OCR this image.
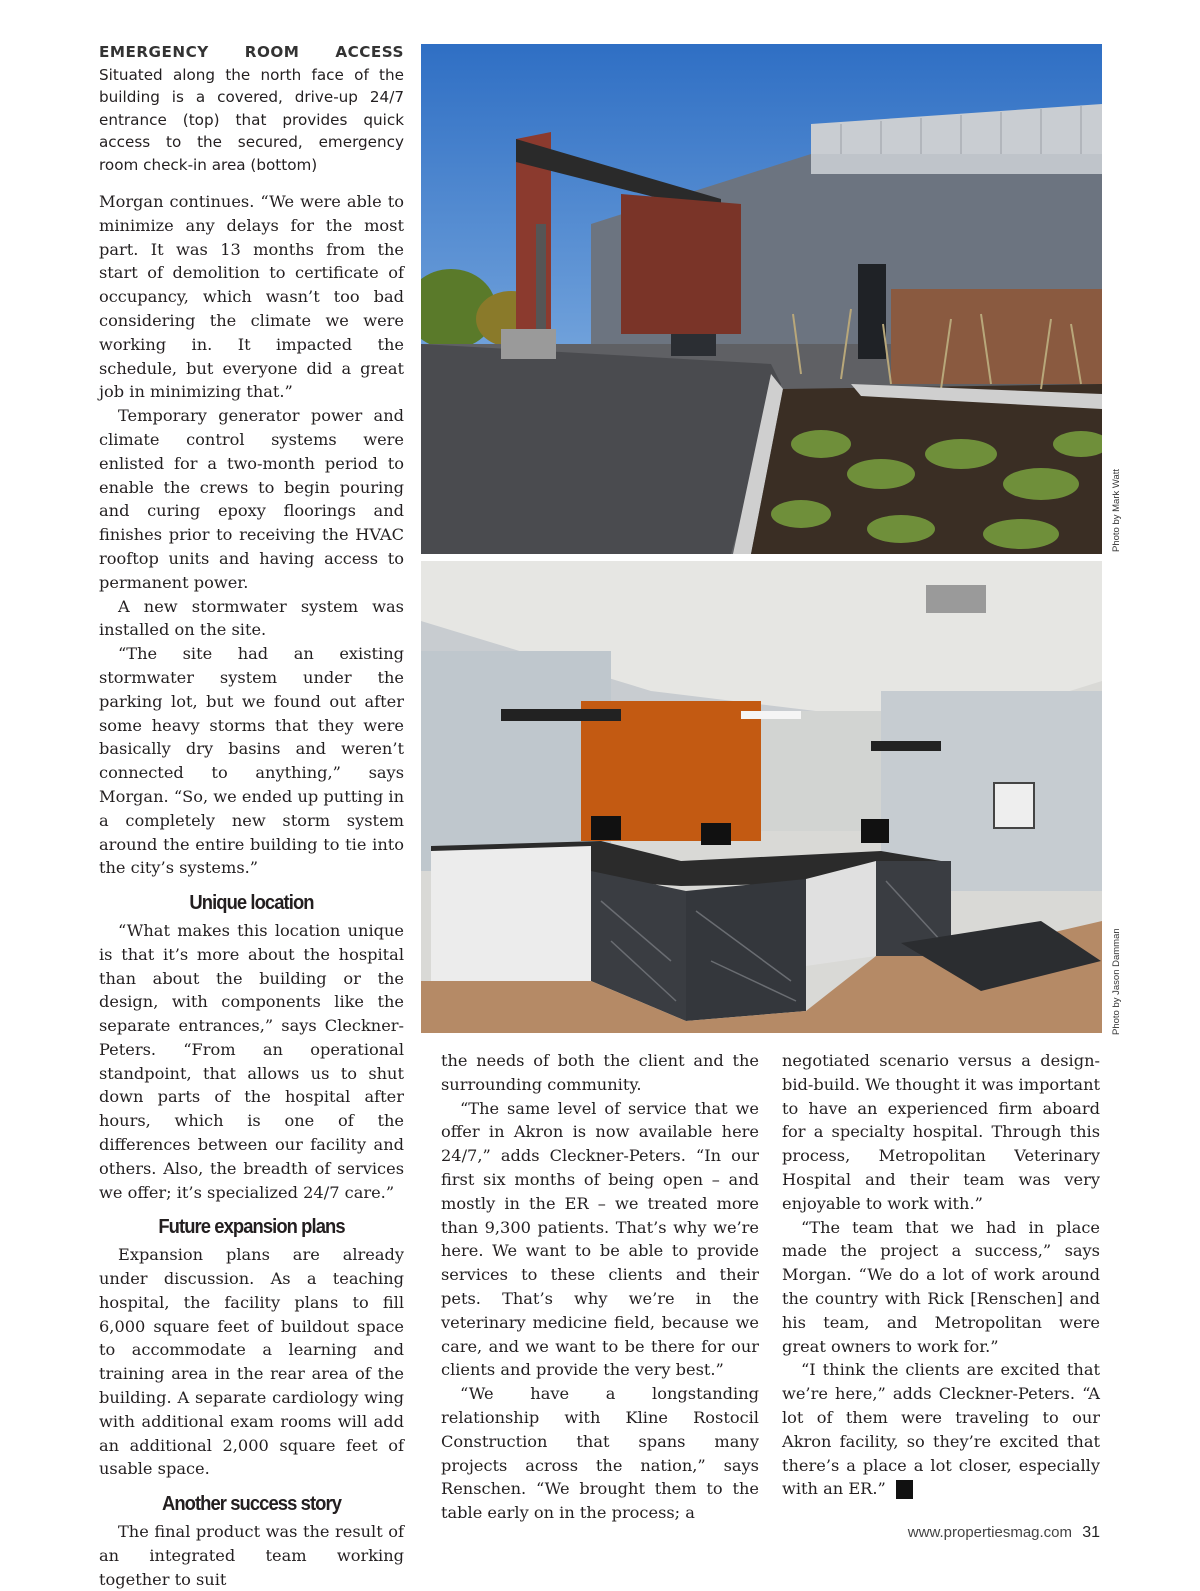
EMERGENCY ROOM ACCESS Situated along the north face of the building is a covered, drive-up 24/7 entrance (top) that provides quick access to the secured, emergency room check-in area (bottom)

Morgan continues. “We were able to minimize any delays for the most part. It was 13 months from the start of demolition to certificate of occupancy, which wasn’t too bad considering the climate we were working in. It impacted the schedule, but everyone did a great job in minimizing that.”

Temporary generator power and climate control systems were enlisted for a two-month period to enable the crews to begin pouring and curing epoxy floorings and finishes prior to receiving the HVAC rooftop units and having access to permanent power.

A new stormwater system was installed on the site.

“The site had an existing stormwater system under the parking lot, but we found out after some heavy storms that they were basically dry basins and weren’t connected to anything,” says Morgan. “So, we ended up putting in a completely new storm system around the entire building to tie into the city’s systems.”

Unique location

“What makes this location unique is that it’s more about the hospital than about the building or the design, with components like the separate entrances,” says Cleckner-Peters. “From an operational standpoint, that allows us to shut down parts of the hospital after hours, which is one of the differences between our facility and others. Also, the breadth of services we offer; it’s specialized 24/7 care.”

Future expansion plans

Expansion plans are already under discussion. As a teaching hospital, the facility plans to fill 6,000 square feet of buildout space to accommodate a learning and training area in the rear area of the building. A separate cardiology wing with additional exam rooms will add an additional 2,000 square feet of usable space.

Another success story

The final product was the result of an integrated team working together to suit

the needs of both the client and the surrounding community.

“The same level of service that we offer in Akron is now available here 24/7,” adds Cleckner-Peters. “In our first six months of being open – and mostly in the ER – we treated more than 9,300 patients. That’s why we’re here. We want to be able to provide services to these clients and their pets. That’s why we’re in the veterinary medicine field, because we care, and we want to be there for our clients and provide the very best.”

“We have a longstanding relationship with Kline Rostocil Construction that spans many projects across the nation,” says Renschen. “We brought them to the table early on in the process; a

negotiated scenario versus a design-bid-build. We thought it was important to have an experienced firm aboard for a specialty hospital. Through this process, Metropolitan Veterinary Hospital and their team was very enjoyable to work with.”

“The team that we had in place made the project a success,” says Morgan. “We do a lot of work around the country with Rick [Renschen] and his team, and Metropolitan were great owners to work for.”

“I think the clients are excited that we’re here,” adds Cleckner-Peters. “A lot of them were traveling to our Akron facility, so they’re excited that there’s a place a lot closer, especially with an ER.” P

Photo by Mark Watt
Photo by Jason Damman
www.propertiesmag.com 31
